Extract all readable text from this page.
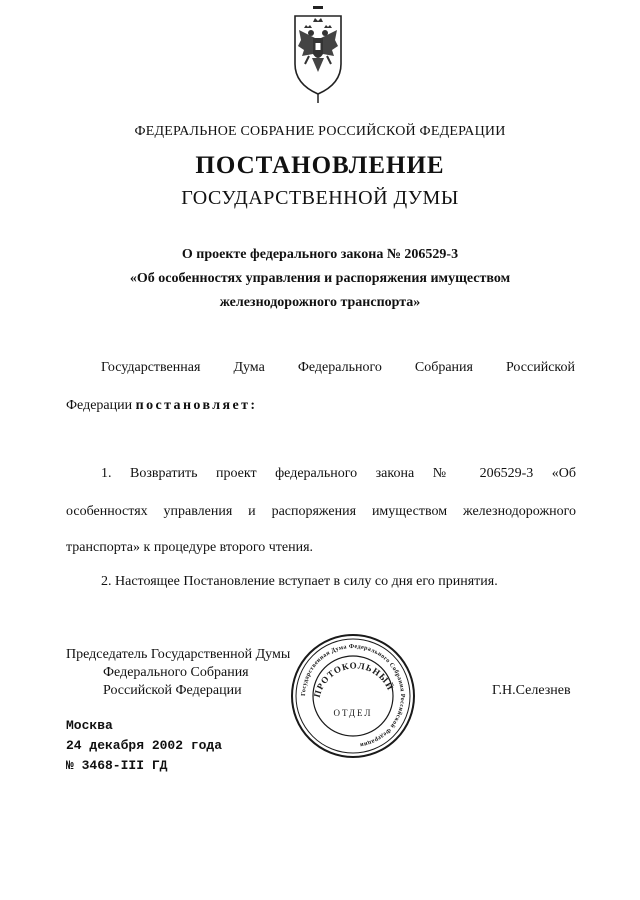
ФЕДЕРАЛЬНОЕ СОБРАНИЕ РОССИЙСКОЙ ФЕДЕРАЦИИ
ПОСТАНОВЛЕНИЕ
ГОСУДАРСТВЕННОЙ ДУМЫ
О проекте федерального закона № 206529-3
«Об особенностях управления и распоряжения имуществом
железнодорожного транспорта»
Государственная Дума Федерального Собрания Российской
Федерации постановляет:
1. Возвратить проект федерального закона № 206529-3 «Об
особенностях управления и распоряжения имуществом железнодорожного
транспорта» к процедуре второго чтения.
2. Настоящее Постановление вступает в силу со дня его принятия.
Председатель Государственной Думы
Федерального Собрания
Российской Федерации	Г.Н.Селезнев
Государственная Дума Федерального Собрания Российской Федерации
ПРОТОКОЛЬНЫЙ
ОТДЕЛ
Москва
24 декабря 2002 года
№ 3468-III ГД
